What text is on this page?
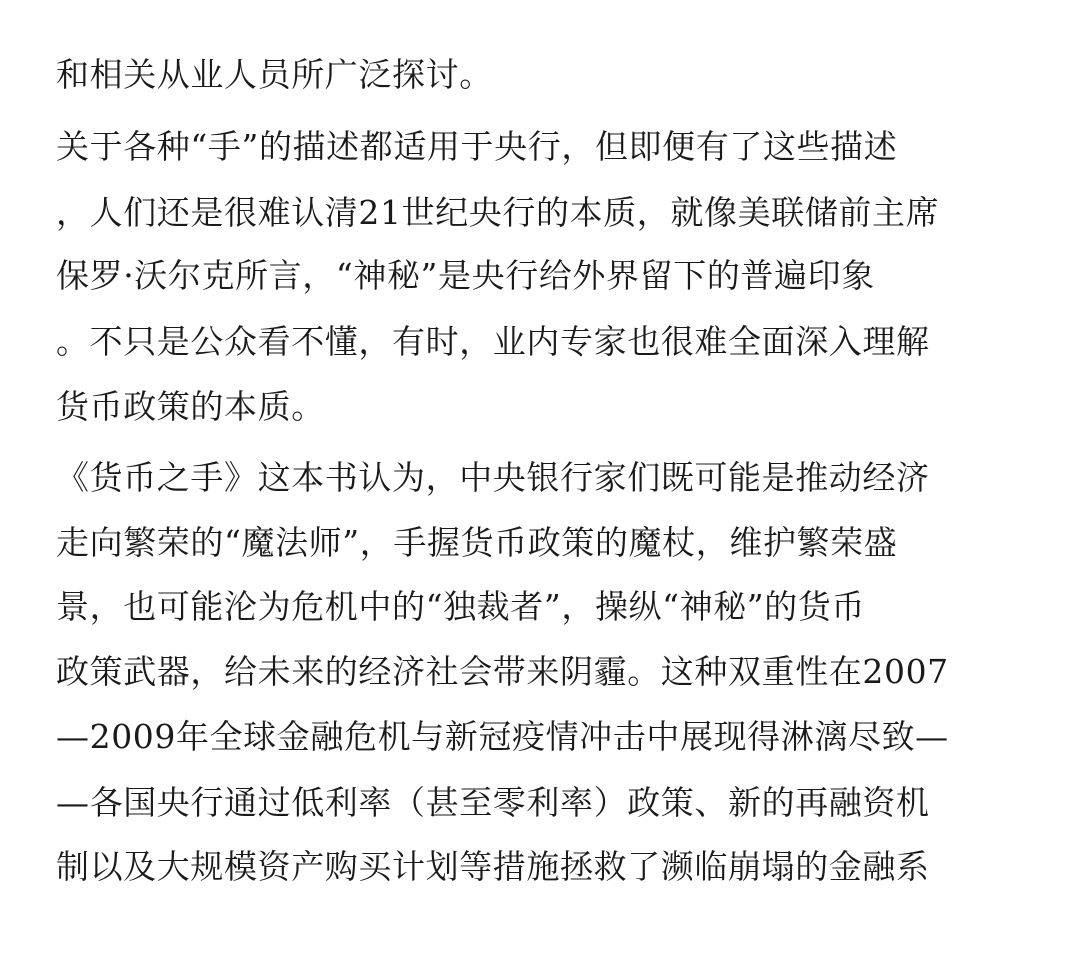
和相关从业人员所广泛探讨。
关于各种“手”的描述都适用于央行，但即便有了这些描述
，人们还是很难认清21世纪央行的本质，就像美联储前主席
保罗·沃尔克所言，“神秘”是央行给外界留下的普遍印象
。不只是公众看不懂，有时，业内专家也很难全面深入理解
货币政策的本质。
《货币之手》这本书认为，中央银行家们既可能是推动经济
走向繁荣的“魔法师”，手握货币政策的魔杖，维护繁荣盛
景，也可能沦为危机中的“独裁者”，操纵“神秘”的货币
政策武器，给未来的经济社会带来阴霾。这种双重性在2007
—2009年全球金融危机与新冠疫情冲击中展现得淋漓尽致—
—各国央行通过低利率（甚至零利率）政策、新的再融资机
制以及大规模资产购买计划等措施拯救了濒临崩塌的金融系
